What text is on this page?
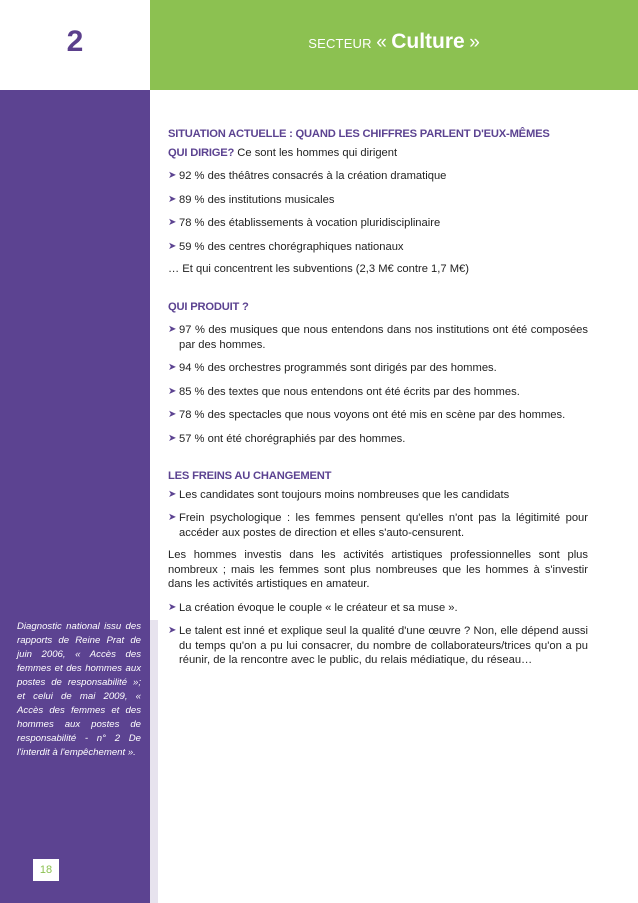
2	SECTEUR « Culture »
Diagnostic national issu des rapports de Reine Prat de juin 2006, « Accès des femmes et des hommes aux postes de responsabilité »; et celui de mai 2009, « Accès des femmes et des hommes aux postes de responsabilité - n° 2 De l'interdit à l'empêchement ».
18
SITUATION ACTUELLE : QUAND LES CHIFFRES PARLENT D'EUX-MÊMES
QUI DIRIGE? Ce sont les hommes qui dirigent
➤ 92 % des théâtres consacrés à la création dramatique
➤ 89 % des institutions musicales
➤ 78 % des établissements à vocation pluridisciplinaire
➤ 59 % des centres chorégraphiques nationaux
… Et qui concentrent les subventions (2,3 M€ contre 1,7 M€)
QUI PRODUIT ?
➤ 97 % des musiques que nous entendons dans nos institutions ont été composées par des hommes.
➤ 94 % des orchestres programmés sont dirigés par des hommes.
➤ 85 % des textes que nous entendons ont été écrits par des hommes.
➤ 78 % des spectacles que nous voyons ont été mis en scène par des hommes.
➤ 57 % ont été chorégraphiés par des hommes.
LES FREINS AU CHANGEMENT
➤ Les candidates sont toujours moins nombreuses que les candidats
➤ Frein psychologique : les femmes pensent qu'elles n'ont pas la légitimité pour accéder aux postes de direction et elles s'auto-censurent.
Les hommes investis dans les activités artistiques professionnelles sont plus nombreux ; mais les femmes sont plus nombreuses que les hommes à s'investir dans les activités artistiques en amateur.
➤ La création évoque le couple « le créateur et sa muse ».
➤ Le talent est inné et explique seul la qualité d'une œuvre ? Non, elle dépend aussi du temps qu'on a pu lui consacrer, du nombre de collaborateurs/trices qu'on a pu réunir, de la rencontre avec le public, du relais médiatique, du réseau…
